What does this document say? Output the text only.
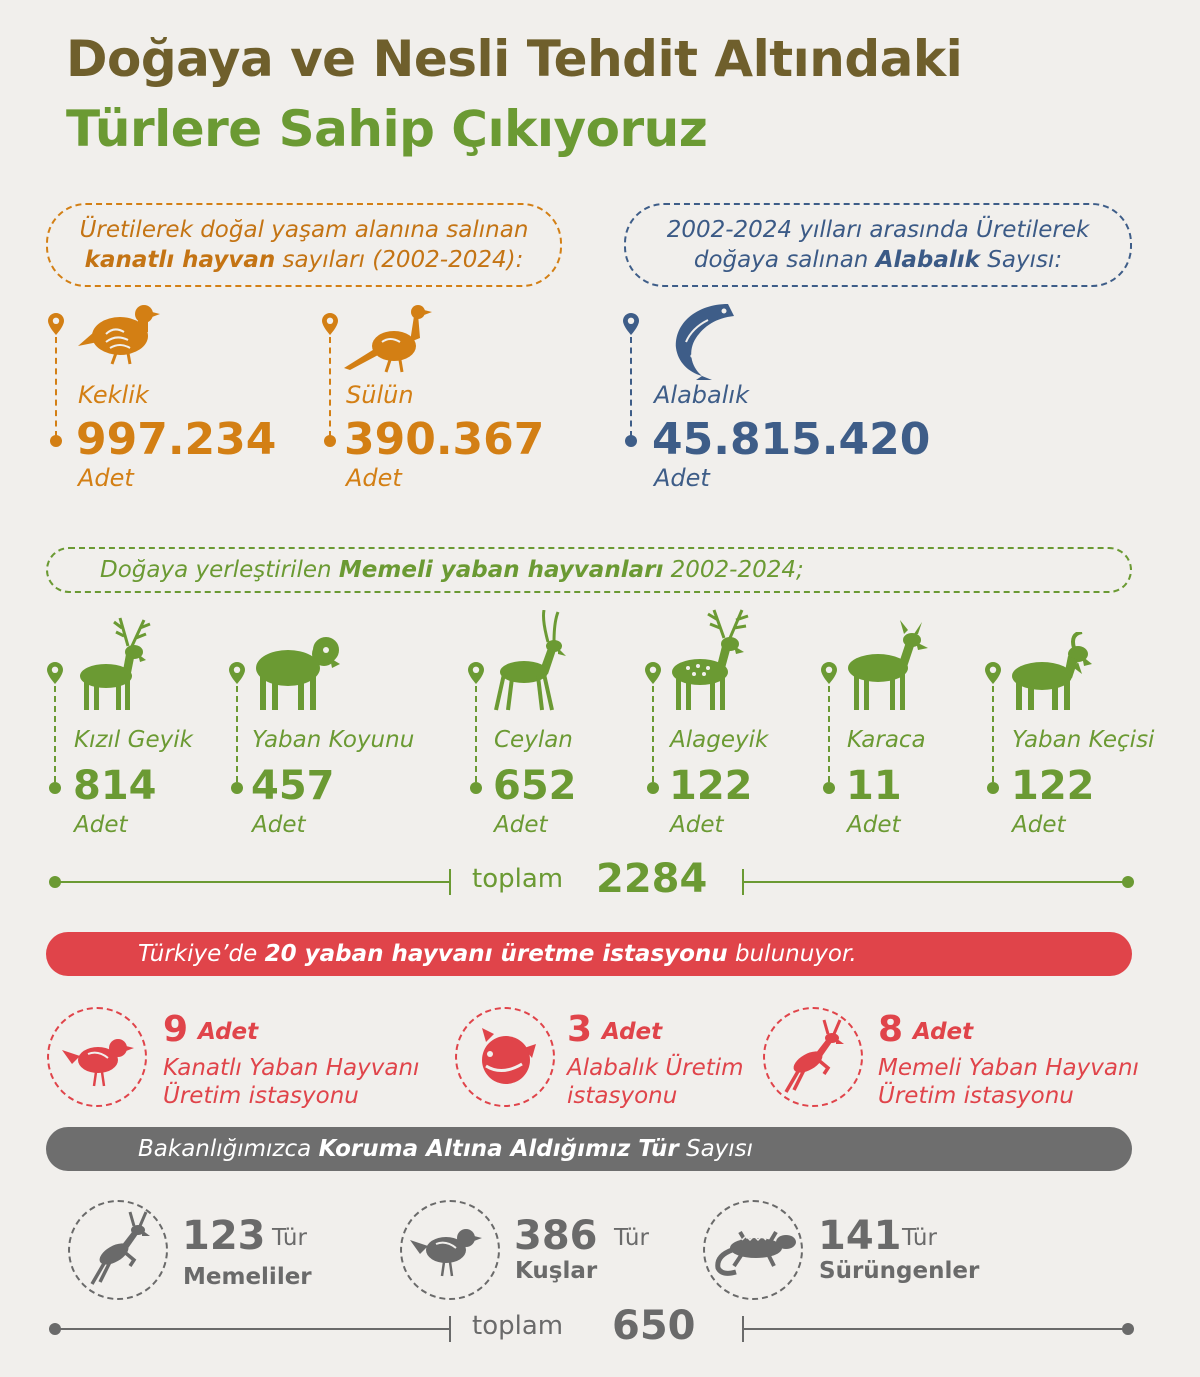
Doğaya ve Nesli Tehdit Altındaki
Türlere Sahip Çıkıyoruz
Üretilerek doğal yaşam alanına salınan
kanatlı hayvan sayıları (2002-2024):
2002-2024 yılları arasında Üretilerek
doğaya salınan Alabalık Sayısı:
Keklik
997.234
Adet
Sülün
390.367
Adet
Alabalık
45.815.420
Adet
Doğaya yerleştirilen Memeli yaban hayvanları 2002-2024;
Kızıl Geyik
814
Adet
Yaban Koyunu
457
Adet
Ceylan
652
Adet
Alageyik
122
Adet
Karaca
11
Adet
Yaban Keçisi
122
Adet
toplam 2284
Türkiye’de 20 yaban hayvanı üretme istasyonu bulunuyor.
9 Adet
Kanatlı Yaban Hayvanı
Üretim istasyonu
3 Adet
Alabalık Üretim
istasyonu
8 Adet
Memeli Yaban Hayvanı
Üretim istasyonu
Bakanlığımızca Koruma Altına Aldığımız Tür Sayısı
123 Tür
Memeliler
386 Tür
Kuşlar
141 Tür
Sürüngenler
toplam 650
